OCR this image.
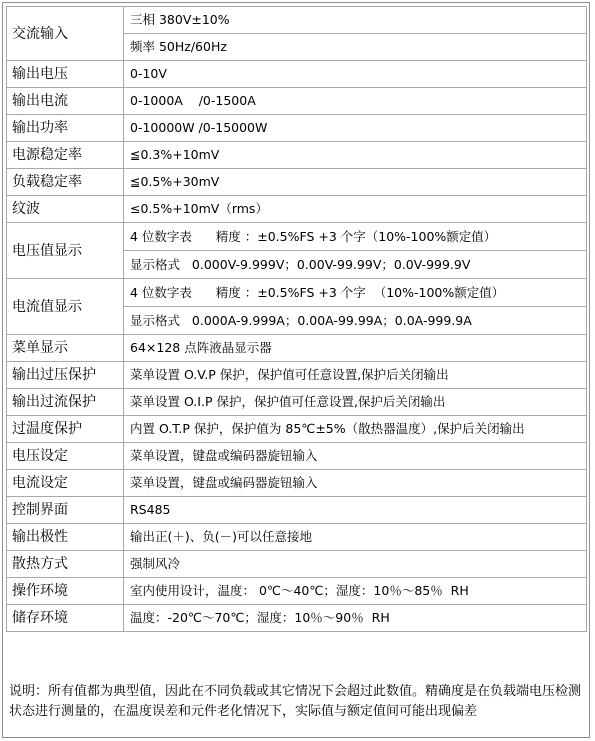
交流输入	三相 380V±10%
	频率 50Hz/60Hz
输出电压	0-10V
输出电流	0-1000A    /0-1500A
输出功率	0-10000W /0-15000W
电源稳定率	≦0.3%+10mV
负载稳定率	≦0.5%+30mV
纹波	≤0.5%+10mV（rms）
电压值显示	4 位数字表      精度 ：±0.5%FS +3 个字（10%-100%额定值）
	显示格式   0.000V-9.999V；0.00V-99.99V；0.0V-999.9V
电流值显示	4 位数字表      精度 ：±0.5%FS +3 个字  （10%-100%额定值）
	显示格式   0.000A-9.999A；0.00A-99.99A；0.0A-999.9A
菜单显示	64×128 点阵液晶显示器
输出过压保护	菜单设置 O.V.P 保护，保护值可任意设置,保护后关闭输出
输出过流保护	菜单设置 O.I.P 保护，保护值可任意设置,保护后关闭输出
过温度保护	内置 O.T.P 保护，保护值为 85℃±5%（散热器温度）,保护后关闭输出
电压设定	菜单设置，键盘或编码器旋钮输入
电流设定	菜单设置，键盘或编码器旋钮输入
控制界面	RS485
输出极性	输出正(＋)、负(－)可以任意接地
散热方式	强制风冷
操作环境	室内使用设计，温度： 0℃～40℃；湿度：10％～85％  RH
储存环境	温度：-20℃～70℃；湿度：10％～90％  RH
说明：所有值都为典型值，因此在不同负载或其它情况下会超过此数值。精确度是在负载端电压检测状态进行测量的，在温度误差和元件老化情况下，实际值与额定值间可能出现偏差
